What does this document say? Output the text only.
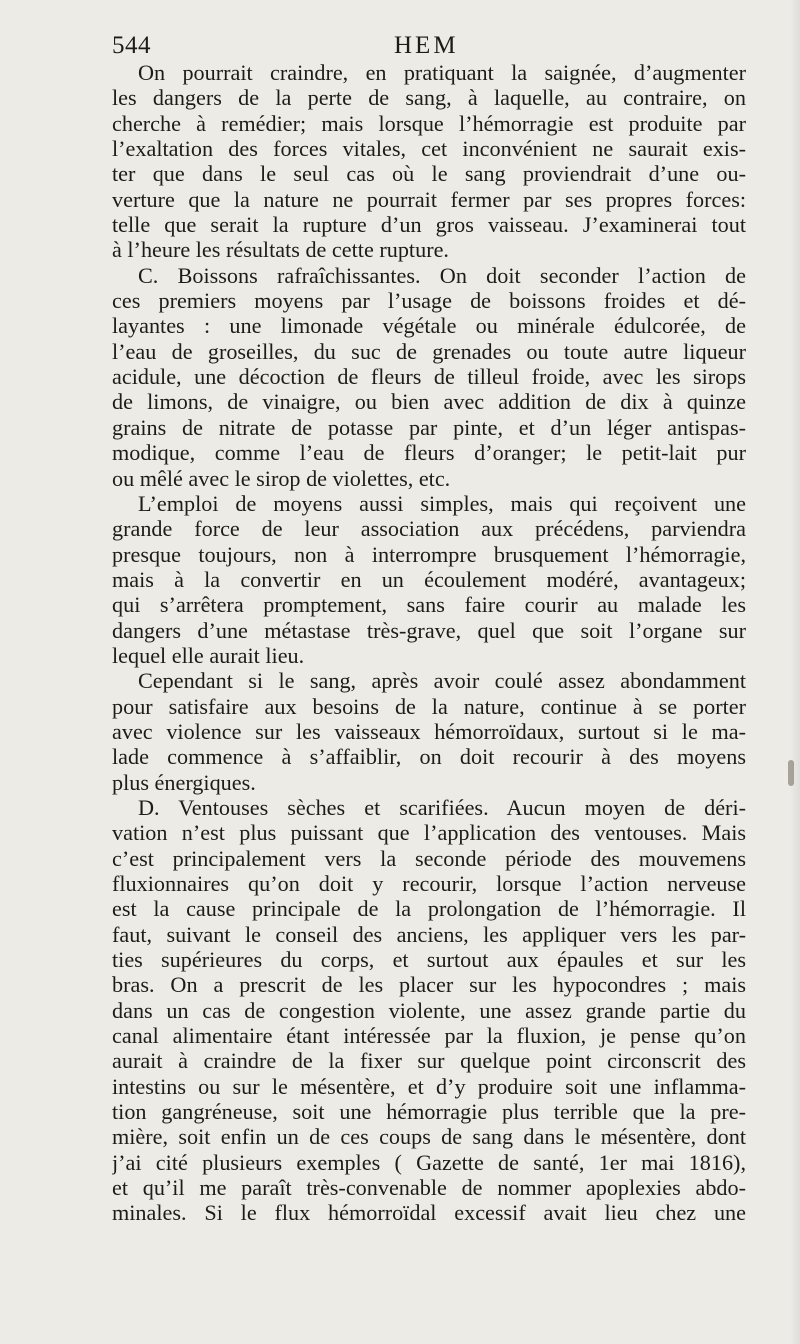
544	HEM
On pourrait craindre, en pratiquant la saignée, d’augmenter
les dangers de la perte de sang, à laquelle, au contraire, on
cherche à remédier; mais lorsque l’hémorragie est produite par
l’exaltation des forces vitales, cet inconvénient ne saurait exis-
ter que dans le seul cas où le sang proviendrait d’une ou-
verture que la nature ne pourrait fermer par ses propres forces:
telle que serait la rupture d’un gros vaisseau. J’examinerai tout
à l’heure les résultats de cette rupture.
C. Boissons rafraîchissantes. On doit seconder l’action de
ces premiers moyens par l’usage de boissons froides et dé-
layantes : une limonade végétale ou minérale édulcorée, de
l’eau de groseilles, du suc de grenades ou toute autre liqueur
acidule, une décoction de fleurs de tilleul froide, avec les sirops
de limons, de vinaigre, ou bien avec addition de dix à quinze
grains de nitrate de potasse par pinte, et d’un léger antispas-
modique, comme l’eau de fleurs d’oranger; le petit-lait pur
ou mêlé avec le sirop de violettes, etc.
L’emploi de moyens aussi simples, mais qui reçoivent une
grande force de leur association aux précédens, parviendra
presque toujours, non à interrompre brusquement l’hémorragie,
mais à la convertir en un écoulement modéré, avantageux;
qui s’arrêtera promptement, sans faire courir au malade les
dangers d’une métastase très-grave, quel que soit l’organe sur
lequel elle aurait lieu.
Cependant si le sang, après avoir coulé assez abondamment
pour satisfaire aux besoins de la nature, continue à se porter
avec violence sur les vaisseaux hémorroïdaux, surtout si le ma-
lade commence à s’affaiblir, on doit recourir à des moyens
plus énergiques.
D. Ventouses sèches et scarifiées. Aucun moyen de déri-
vation n’est plus puissant que l’application des ventouses. Mais
c’est principalement vers la seconde période des mouvemens
fluxionnaires qu’on doit y recourir, lorsque l’action nerveuse
est la cause principale de la prolongation de l’hémorragie. Il
faut, suivant le conseil des anciens, les appliquer vers les par-
ties supérieures du corps, et surtout aux épaules et sur les
bras. On a prescrit de les placer sur les hypocondres ; mais
dans un cas de congestion violente, une assez grande partie du
canal alimentaire étant intéressée par la fluxion, je pense qu’on
aurait à craindre de la fixer sur quelque point circonscrit des
intestins ou sur le mésentère, et d’y produire soit une inflamma-
tion gangréneuse, soit une hémorragie plus terrible que la pre-
mière, soit enfin un de ces coups de sang dans le mésentère, dont
j’ai cité plusieurs exemples ( Gazette de santé, 1er mai 1816),
et qu’il me paraît très-convenable de nommer apoplexies abdo-
minales. Si le flux hémorroïdal excessif avait lieu chez une
